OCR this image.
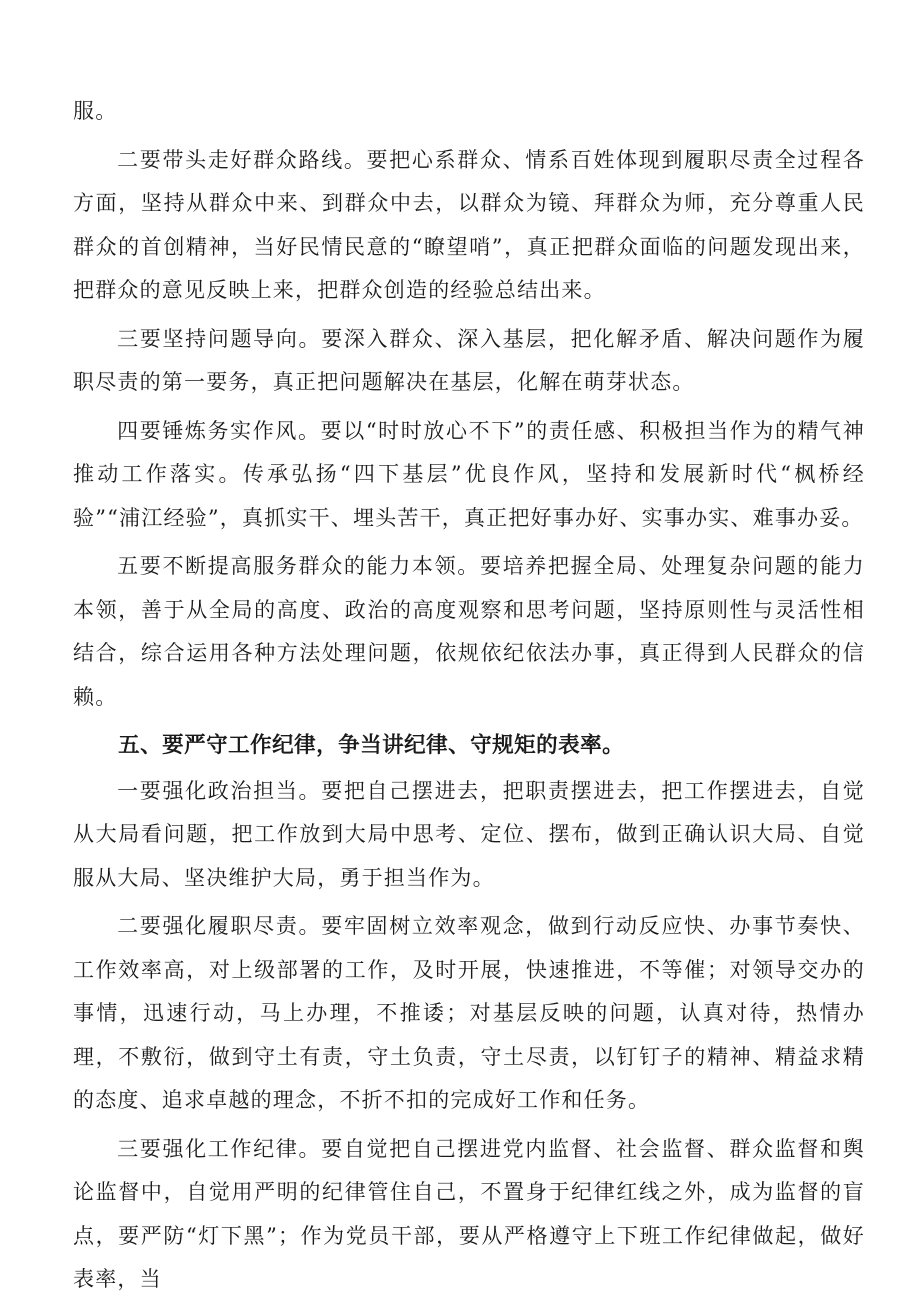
服。

二要带头走好群众路线。要把心系群众、情系百姓体现到履职尽责全过程各方面，坚持从群众中来、到群众中去，以群众为镜、拜群众为师，充分尊重人民群众的首创精神，当好民情民意的“瞭望哨”，真正把群众面临的问题发现出来，把群众的意见反映上来，把群众创造的经验总结出来。

三要坚持问题导向。要深入群众、深入基层，把化解矛盾、解决问题作为履职尽责的第一要务，真正把问题解决在基层，化解在萌芽状态。

四要锤炼务实作风。要以“时时放心不下”的责任感、积极担当作为的精气神推动工作落实。传承弘扬“四下基层”优良作风，坚持和发展新时代“枫桥经验”“浦江经验”，真抓实干、埋头苦干，真正把好事办好、实事办实、难事办妥。

五要不断提高服务群众的能力本领。要培养把握全局、处理复杂问题的能力本领，善于从全局的高度、政治的高度观察和思考问题，坚持原则性与灵活性相结合，综合运用各种方法处理问题，依规依纪依法办事，真正得到人民群众的信赖。

五、要严守工作纪律，争当讲纪律、守规矩的表率。

一要强化政治担当。要把自己摆进去，把职责摆进去，把工作摆进去，自觉从大局看问题，把工作放到大局中思考、定位、摆布，做到正确认识大局、自觉服从大局、坚决维护大局，勇于担当作为。

二要强化履职尽责。要牢固树立效率观念，做到行动反应快、办事节奏快、工作效率高，对上级部署的工作，及时开展，快速推进，不等催；对领导交办的事情，迅速行动，马上办理，不推诿；对基层反映的问题，认真对待，热情办理，不敷衍，做到守土有责，守土负责，守土尽责，以钉钉子的精神、精益求精的态度、追求卓越的理念，不折不扣的完成好工作和任务。

三要强化工作纪律。要自觉把自己摆进党内监督、社会监督、群众监督和舆论监督中，自觉用严明的纪律管住自己，不置身于纪律红线之外，成为监督的盲点，要严防“灯下黑”；作为党员干部，要从严格遵守上下班工作纪律做起，做好表率，当
